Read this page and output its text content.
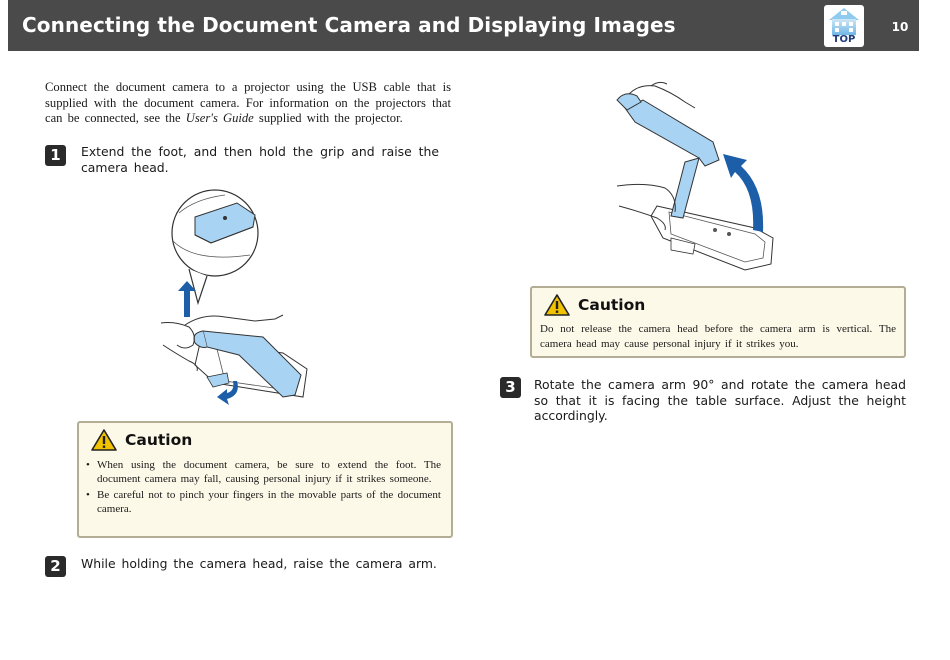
Connecting the Document Camera and Displaying Images
TOP
10
Connect the document camera to a projector using the USB cable that is supplied with the document camera. For information on the projectors that can be connected, see the User's Guide supplied with the projector.
1	Extend the foot, and then hold the grip and raise the camera head.
Caution
• When using the document camera, be sure to extend the foot. The document camera may fall, causing personal injury if it strikes someone.
• Be careful not to pinch your fingers in the movable parts of the document camera.
2	While holding the camera head, raise the camera arm.
Caution
Do not release the camera head before the camera arm is vertical. The camera head may cause personal injury if it strikes you.
3	Rotate the camera arm 90° and rotate the camera head so that it is facing the table surface. Adjust the height accordingly.
